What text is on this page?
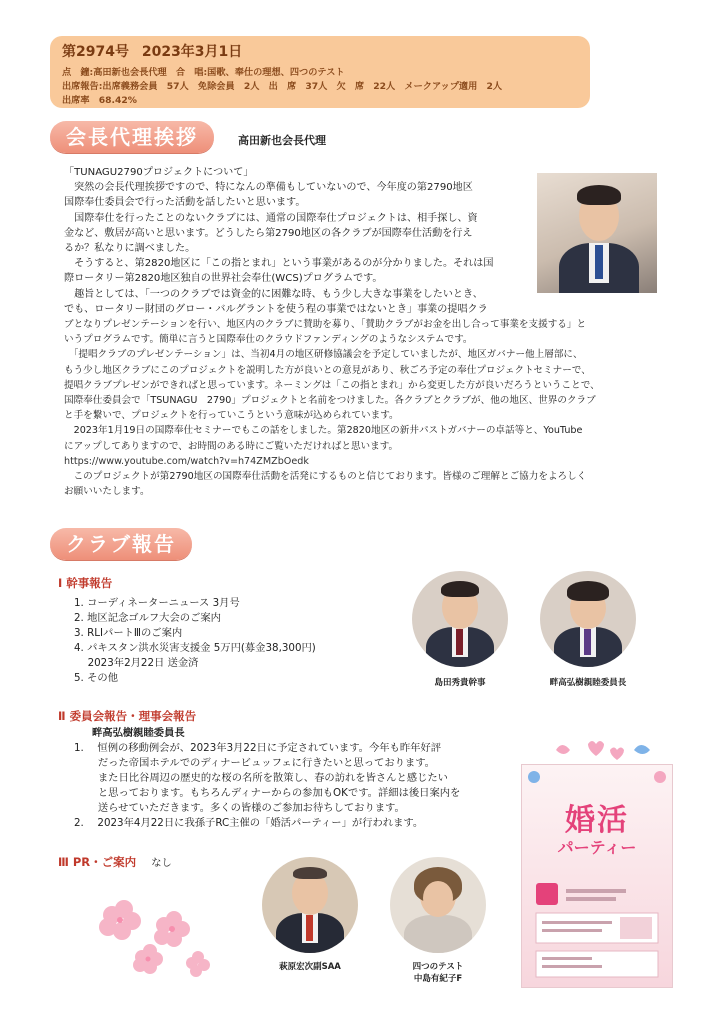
第2974号 2023年3月1日
点　鐘:高田新也会長代理　合　唱:国歌、奉仕の理想、四つのテスト
出席報告:出席義務会員　57人　免除会員　2人　出　席　37人　欠　席　22人　メークアップ適用　2人
出席率　68.42%
会長代理挨拶	高田新也会長代理
「TUNAGU2790プロジェクトについて」
　突然の会長代理挨拶ですので、特になんの準備もしていないので、今年度の第2790地区
国際奉仕委員会で行った活動を話したいと思います。
　国際奉仕を行ったことのないクラブには、通常の国際奉仕プロジェクトは、相手探し、資
金など、敷居が高いと思います。どうしたら第2790地区の各クラブが国際奉仕活動を行え
るか？私なりに調べました。
　そうすると、第2820地区に「この指とまれ」という事業があるのが分かりました。それは国
際ロータリー第2820地区独自の世界社会奉仕(WCS)プログラムです。
　趣旨としては、「一つのクラブでは資金的に困難な時、もう少し大きな事業をしたいとき、
でも、ロータリー財団のグロー・バルグラントを使う程の事業ではないとき」事業の提唱クラ
ブとなりプレゼンテーションを行い、地区内のクラブに賛助を募り、「賛助クラブがお金を出し合って事業を支援する」と
いうプログラムです。簡単に言うと国際奉仕のクラウドファンディングのようなシステムです。
　「提唱クラブのプレゼンテーション」は、当初4月の地区研修協議会を予定していましたが、地区ガバナー他上層部に、
もう少し地区クラブにこのプロジェクトを説明した方が良いとの意見があり、秋ごろ予定の奉仕プロジェクトセミナーで、
提唱クラブプレゼンができればと思っています。ネーミングは「この指とまれ」から変更した方が良いだろうということで、
国際奉仕委員会で「TSUNAGU　2790」プロジェクトと名前をつけました。各クラブとクラブが、他の地区、世界のクラブ
と手を繋いで、プロジェクトを行っていこうという意味が込められています。
　2023年1月19日の国際奉仕セミナーでもこの話をしました。第2820地区の新井パストガバナーの卓話等と、YouTube
にアップしてありますので、お時間のある時にご覧いただければと思います。
https://www.youtube.com/watch?v=h74ZMZbOedk
　このプロジェクトが第2790地区の国際奉仕活動を活発にするものと信じております。皆様のご理解とご協力をよろしく
お願いいたします。
クラブ報告
Ⅰ 幹事報告
1. コーディネーターニュース 3月号
2. 地区記念ゴルフ大会のご案内
3. RLIパートⅢのご案内
4. パキスタン洪水災害支援金 5万円(募金38,300円)
　 2023年2月22日 送金済
5. その他	島田秀貴幹事	畔高弘樹親睦委員長
Ⅱ 委員会報告・理事会報告
畔高弘樹親睦委員長
1.　 恒例の移動例会が、2023年3月22日に予定されています。今年も昨年好評
　　 だった帝国ホテルでのディナービュッフェに行きたいと思っております。
　　 また日比谷周辺の歴史的な桜の名所を散策し、春の訪れを皆さんと感じたい
　　 と思っております。もちろんディナーからの参加もOKです。詳細は後日案内を
　　 送らせていただきます。多くの皆様のご参加お待ちしております。
2.　 2023年4月22日に我孫子RC主催の「婚活パーティー」が行われます。
Ⅲ PR・ご案内 なし
萩原宏次副SAA	四つのテスト
中島有紀子F
婚活
パーティー
